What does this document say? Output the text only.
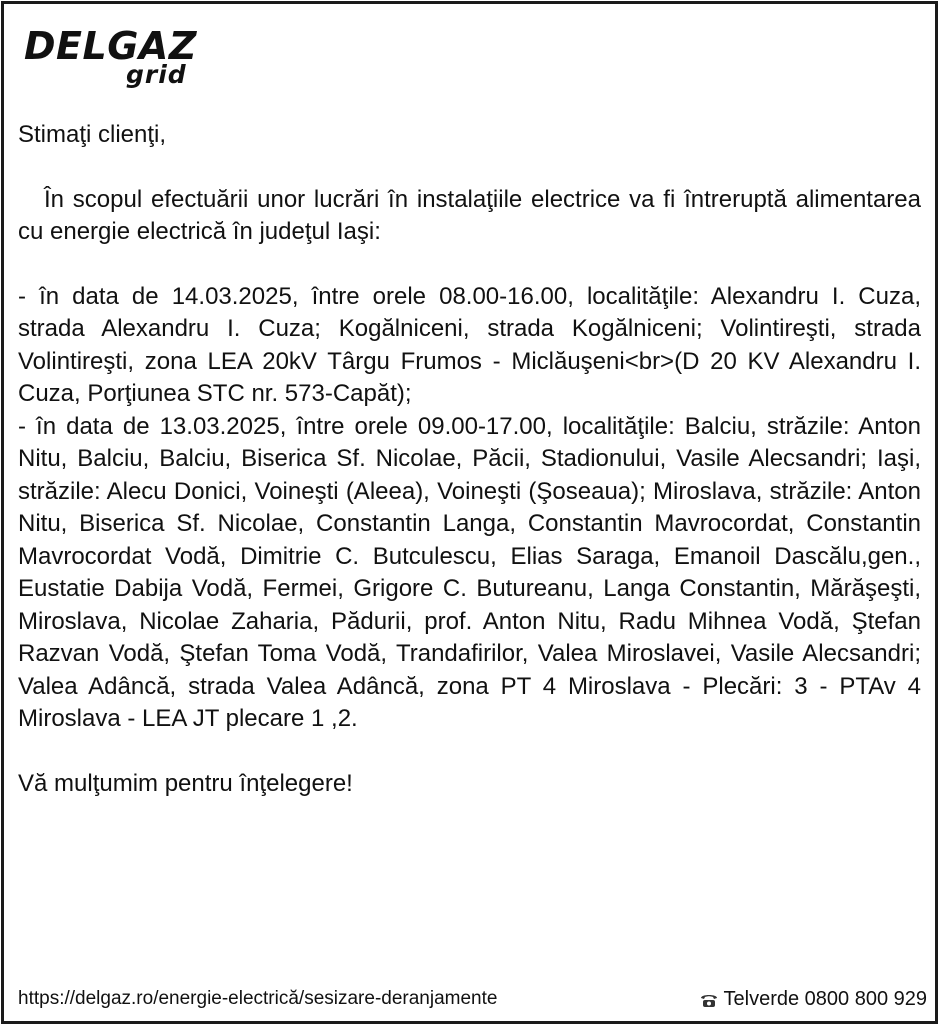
DELGAZ
grid

Stimaţi clienţi,

În scopul efectuării unor lucrări în instalaţiile electrice va fi întreruptă alimentarea cu energie electrică în judeţul Iaşi:

- în data de 14.03.2025, între orele 08.00-16.00, localităţile: Alexandru I. Cuza, strada Alexandru I. Cuza; Kogălniceni, strada Kogălniceni; Volintireşti, strada Volintireşti, zona LEA 20kV Târgu Frumos - Miclăuşeni<br>(D 20 KV Alexandru I. Cuza, Porţiunea STC nr. 573-Capăt);

- în data de 13.03.2025, între orele 09.00-17.00, localităţile: Balciu, străzile: Anton Nitu, Balciu, Balciu, Biserica Sf. Nicolae, Păcii, Stadionului, Vasile Alecsandri; Iaşi, străzile: Alecu Donici, Voineşti (Aleea), Voineşti (Şoseaua); Miroslava, străzile: Anton Nitu, Biserica Sf. Nicolae, Constantin Langa, Constantin Mavrocordat, Constantin Mavrocordat Vodă, Dimitrie C. Butculescu, Elias Saraga, Emanoil Dascălu,gen., Eustatie Dabija Vodă, Fermei, Grigore C. Butureanu, Langa Constantin, Mărăşeşti, Miroslava, Nicolae Zaharia, Pădurii, prof. Anton Nitu, Radu Mihnea Vodă, Ştefan Razvan Vodă, Ştefan Toma Vodă, Trandafirilor, Valea Miroslavei, Vasile Alecsandri; Valea Adâncă, strada Valea Adâncă, zona PT 4 Miroslava - Plecări: 3 - PTAv 4 Miroslava - LEA JT plecare 1 ,2.

Vă mulţumim pentru înţelegere!

https://delgaz.ro/energie-electrică/sesizare-deranjamente	Telverde 0800 800 929
